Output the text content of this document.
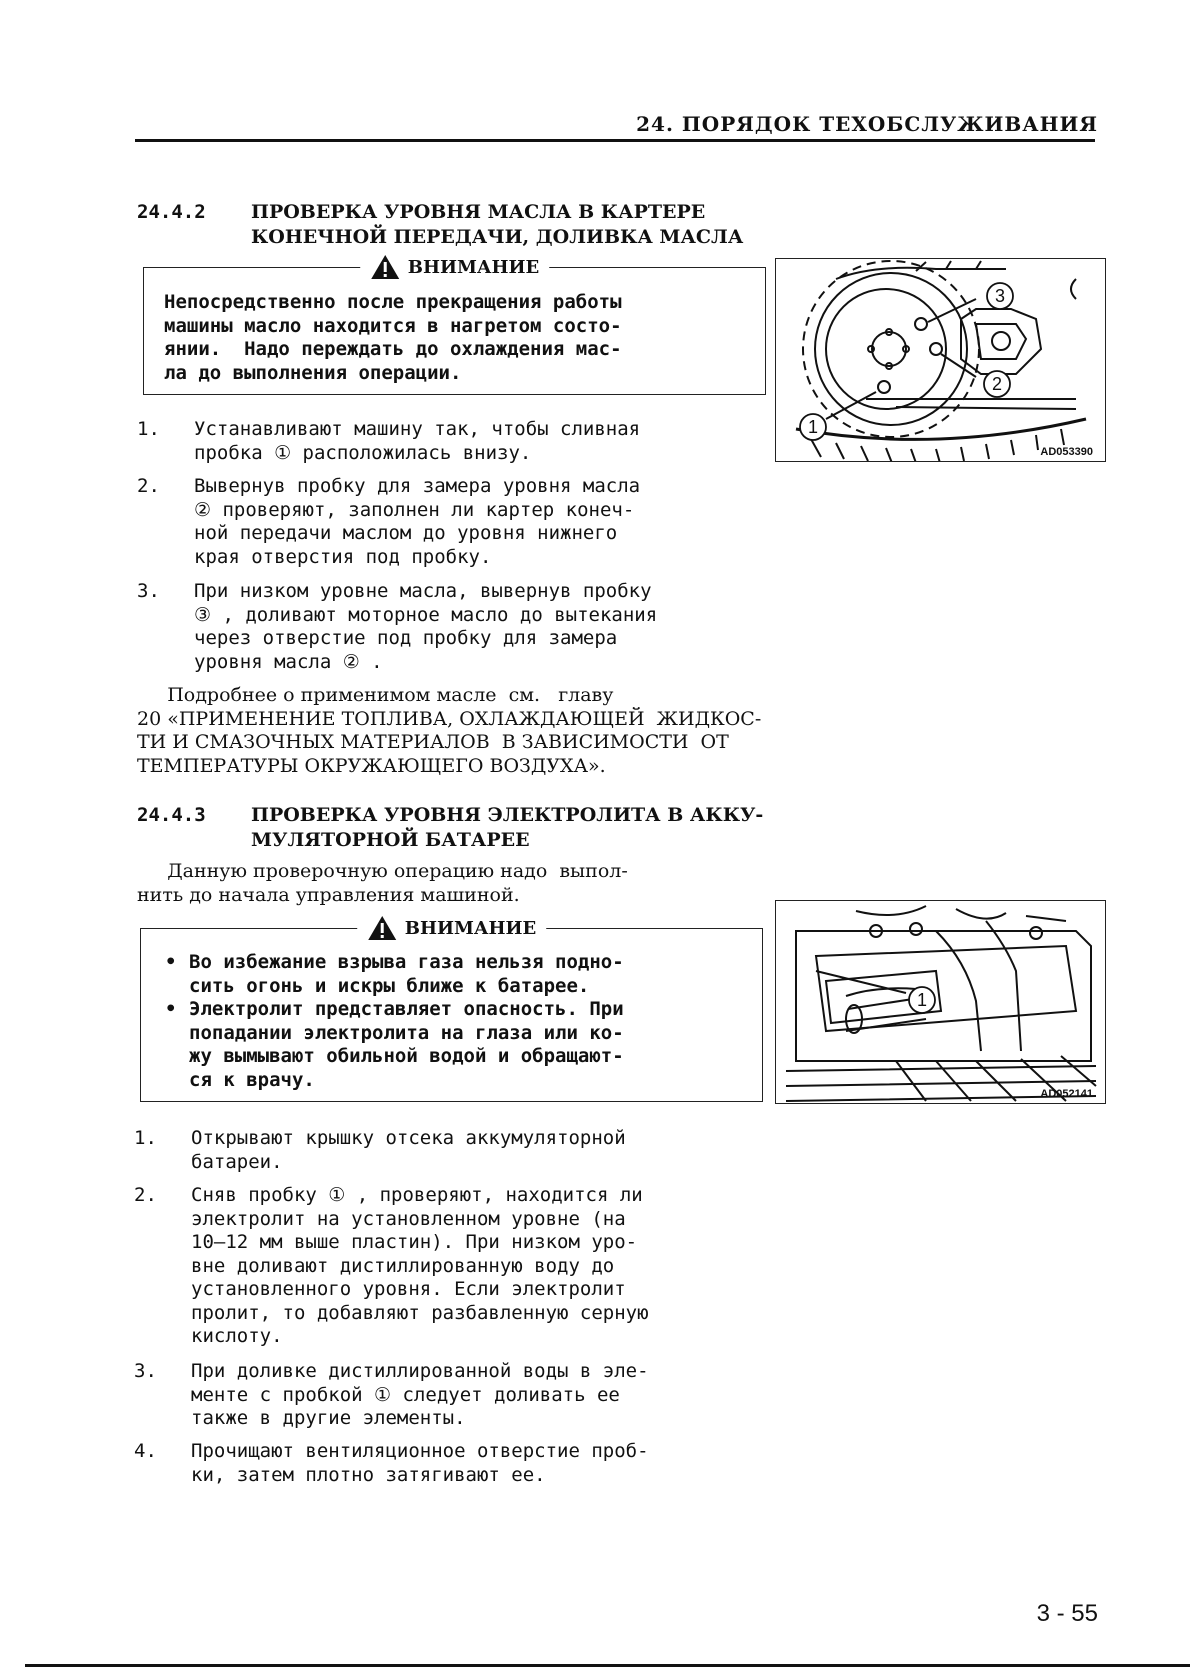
24. ПОРЯДОК ТЕХОБСЛУЖИВАНИЯ
24.4.2 ПРОВЕРКА УРОВНЯ МАСЛА В КАРТЕРЕ
КОНЕЧНОЙ ПЕРЕДАЧИ, ДОЛИВКА МАСЛА
ВНИМАНИЕ
Непосредственно после прекращения работы
машины масло находится в нагретом состо-
янии.  Надо переждать до охлаждения мас-
ла до выполнения операции.
1. Устанавливают машину так, чтобы сливная
пробка ① расположилась внизу.
2. Вывернув пробку для замера уровня масла
② проверяют, заполнен ли картер конеч-
ной передачи маслом до уровня нижнего
края отверстия под пробку.
3. При низком уровне масла, вывернув пробку
③ , доливают моторное масло до вытекания
через отверстие под пробку для замера
уровня масла ② .
Подробнее о применимом масле  см.   главу
20 «ПРИМЕНЕНИЕ ТОПЛИВА, ОХЛАЖДАЮЩЕЙ  ЖИДКОС-
ТИ И СМАЗОЧНЫХ МАТЕРИАЛОВ  В ЗАВИСИМОСТИ  ОТ
ТЕМПЕРАТУРЫ ОКРУЖАЮЩЕГО ВОЗДУХА».
3
2
1
AD053390
24.4.3 ПРОВЕРКА УРОВНЯ ЭЛЕКТРОЛИТА В АККУ-
МУЛЯТОРНОЙ БАТАРЕЕ
Данную проверочную операцию надо  выпол-
нить до начала управления машиной.
ВНИМАНИЕ
• Во избежание взрыва газа нельзя подно-
сить огонь и искры ближе к батарее.
• Электролит представляет опасность. При
попадании электролита на глаза или ко-
жу вымывают обильной водой и обращают-
ся к врачу.
1
AD052141
1. Открывают крышку отсека аккумуляторной
батареи.
2. Сняв пробку ① , проверяют, находится ли
электролит на установленном уровне (на
10—12 мм выше пластин). При низком уро-
вне доливают дистиллированную воду до
установленного уровня. Если электролит
пролит, то добавляют разбавленную серную
кислоту.
3. При доливке дистиллированной воды в эле-
менте с пробкой ① следует доливать ее
также в другие элементы.
4. Прочищают вентиляционное отверстие проб-
ки, затем плотно затягивают ее.
3 - 55
